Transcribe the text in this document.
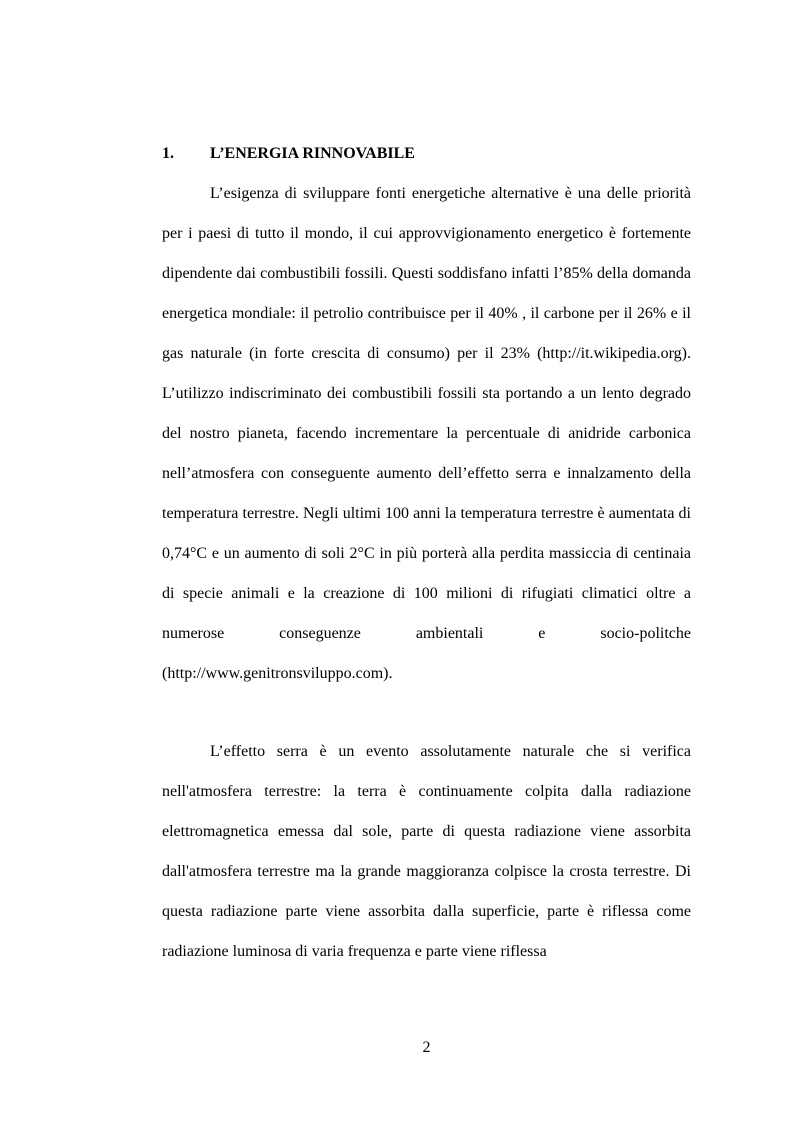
1. L’ENERGIA RINNOVABILE

L’esigenza di sviluppare fonti energetiche alternative è una delle priorità per i paesi di tutto il mondo, il cui approvvigionamento energetico è fortemente dipendente dai combustibili fossili. Questi soddisfano infatti l’85% della domanda energetica mondiale: il petrolio contribuisce per il 40% , il carbone per il 26% e il gas naturale (in forte crescita di consumo) per il 23% (http://it.wikipedia.org). L’utilizzo indiscriminato dei combustibili fossili sta portando a un lento degrado del nostro pianeta, facendo incrementare la percentuale di anidride carbonica nell’atmosfera con conseguente aumento dell’effetto serra e innalzamento della temperatura terrestre. Negli ultimi 100 anni la temperatura terrestre è aumentata di 0,74°C e un aumento di soli 2°C in più porterà alla perdita massiccia di centinaia di specie animali e la creazione di 100 milioni di rifugiati climatici oltre a numerose conseguenze ambientali e socio-politche (http://www.genitronsviluppo.com).

L’effetto serra è un evento assolutamente naturale che si verifica nell'atmosfera terrestre: la terra è continuamente colpita dalla radiazione elettromagnetica emessa dal sole, parte di questa radiazione viene assorbita dall'atmosfera terrestre ma la grande maggioranza colpisce la crosta terrestre. Di questa radiazione parte viene assorbita dalla superficie, parte è riflessa come radiazione luminosa di varia frequenza e parte viene riflessa

2
